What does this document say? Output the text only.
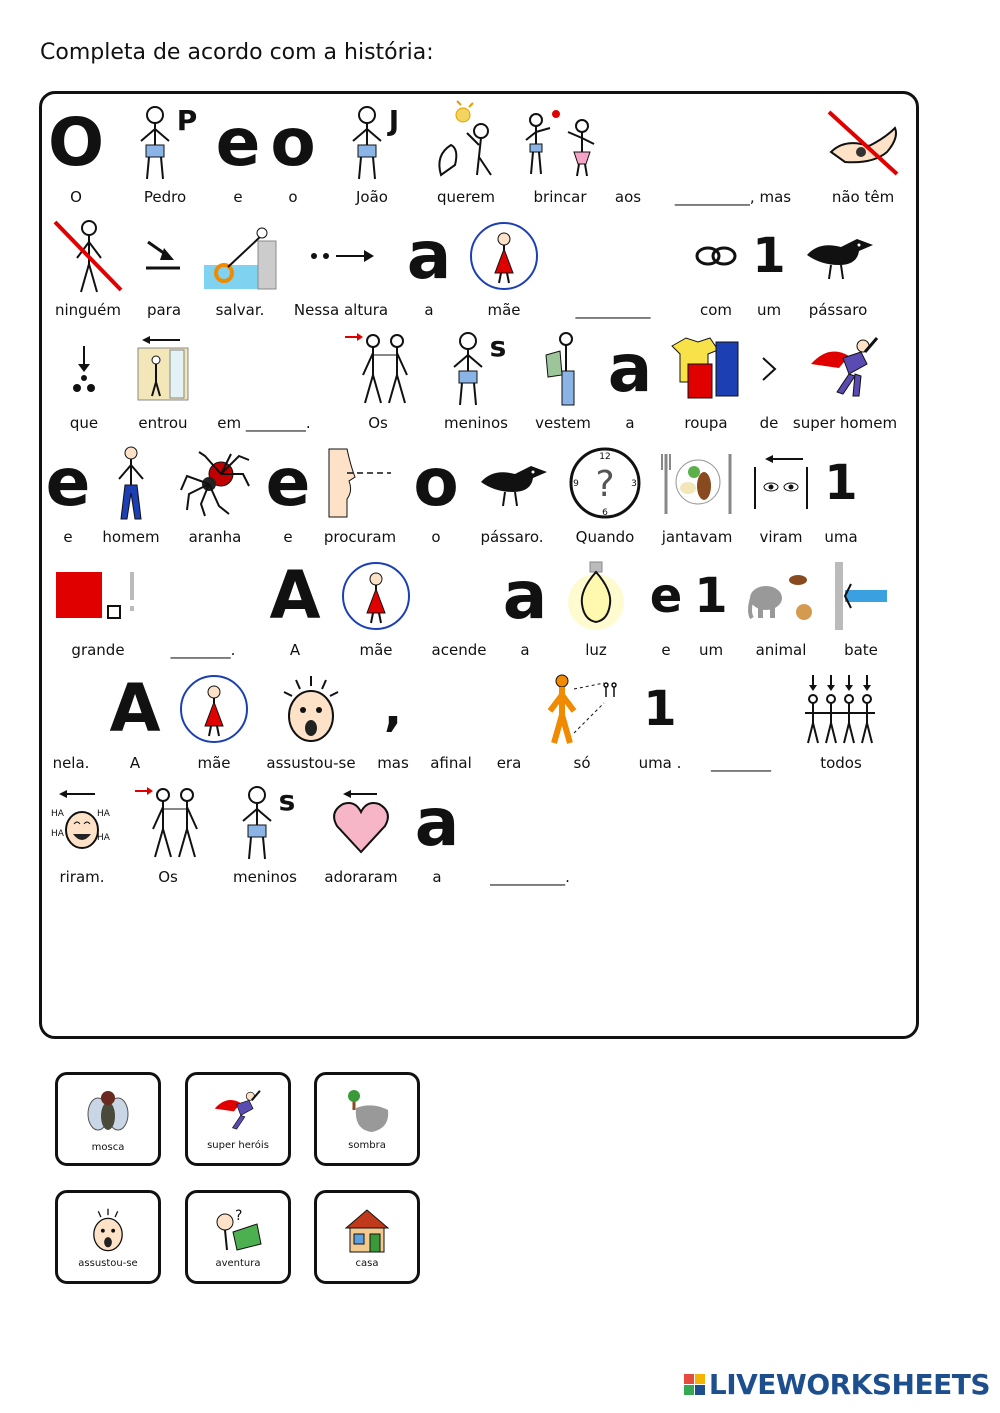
Completa de acordo com a história:
O
O
P
Pedro
e
e
o
o
J
João	querem	brincar aos __________, mas	não têm
ninguém para salvar. Nessa altura
a
a	mãe	__________	com
1
um pássaro
que	entrou em ________.	Os
s
meninos vestem
a
a	roupa de super homem
e
e homem aranha
e
e procuram
o
o	pássaro.
?
12
3
6
9
Quando jantavam viram
1
uma
grande	________.
A
A	mãe	acende
a
a	luz
e
e
1
um animal	bate
nela.
A
A	mãe assustou-se
,
mas afinal era	só
1
uma . ________	todos
HA	HA
HA	HA
riram.	Os
s
meninos adoraram
a
a	__________.
mosca	super heróis	sombra
assustou-se
?
aventura	casa
LIVEWORKSHEETS
